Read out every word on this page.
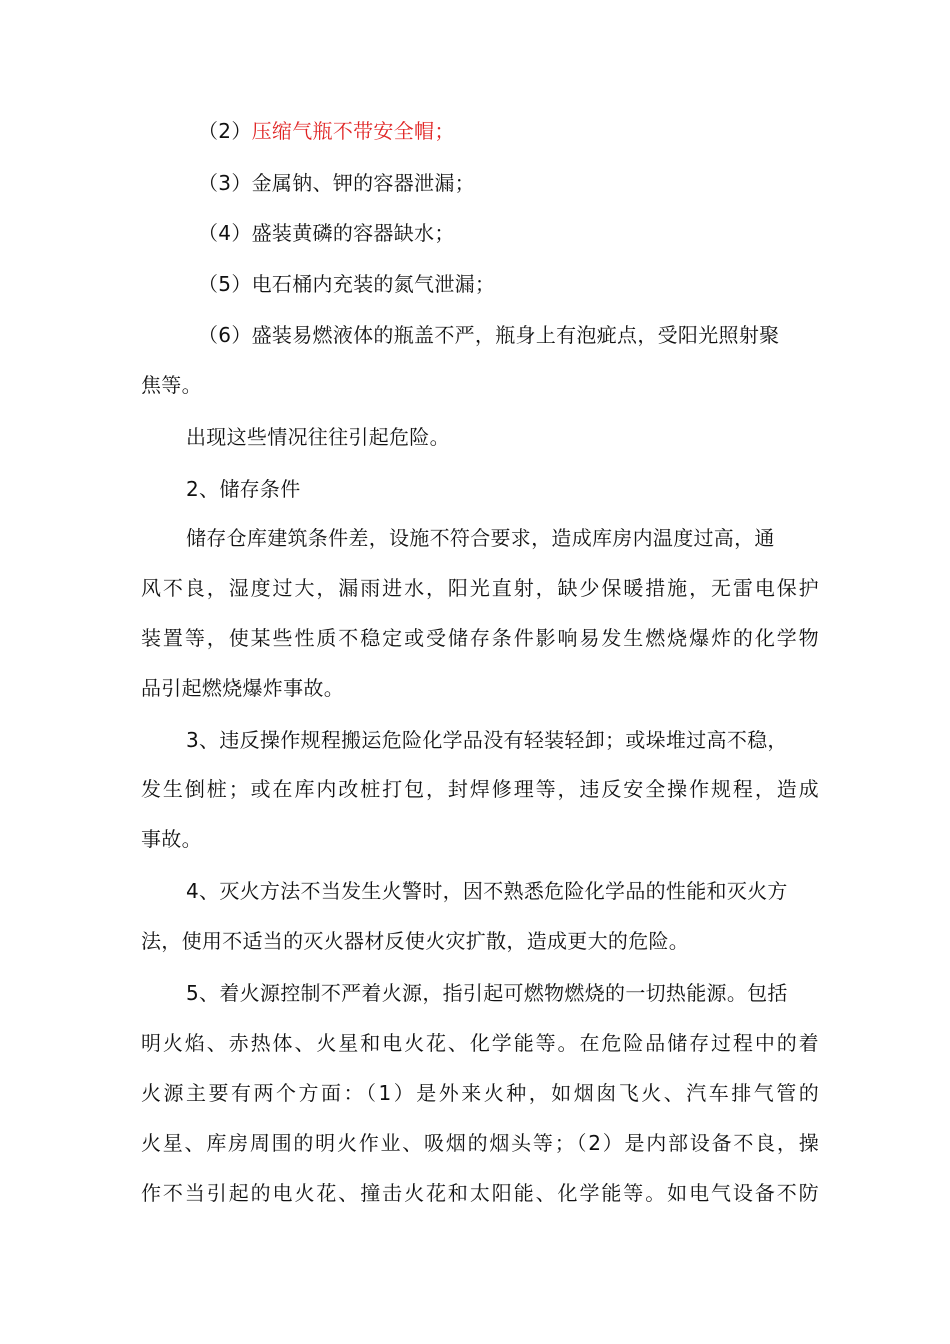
（2）压缩气瓶不带安全帽；
（3）金属钠、钾的容器泄漏；
（4）盛装黄磷的容器缺水；
（5）电石桶内充装的氮气泄漏；
（6）盛装易燃液体的瓶盖不严，瓶身上有泡疵点，受阳光照射聚
焦等。
出现这些情况往往引起危险。
2、储存条件
储存仓库建筑条件差，设施不符合要求，造成库房内温度过高，通
风不良，湿度过大，漏雨进水，阳光直射，缺少保暖措施，无雷电保护
装置等，使某些性质不稳定或受储存条件影响易发生燃烧爆炸的化学物
品引起燃烧爆炸事故。
3、违反操作规程搬运危险化学品没有轻装轻卸；或垛堆过高不稳，
发生倒桩；或在库内改桩打包，封焊修理等，违反安全操作规程，造成
事故。
4、灭火方法不当发生火警时，因不熟悉危险化学品的性能和灭火方
法，使用不适当的灭火器材反使火灾扩散，造成更大的危险。
5、着火源控制不严着火源，指引起可燃物燃烧的一切热能源。包括
明火焰、赤热体、火星和电火花、化学能等。在危险品储存过程中的着
火源主要有两个方面：（1）是外来火种，如烟囱飞火、汽车排气管的
火星、库房周围的明火作业、吸烟的烟头等；（2）是内部设备不良，操
作不当引起的电火花、撞击火花和太阳能、化学能等。如电气设备不防
